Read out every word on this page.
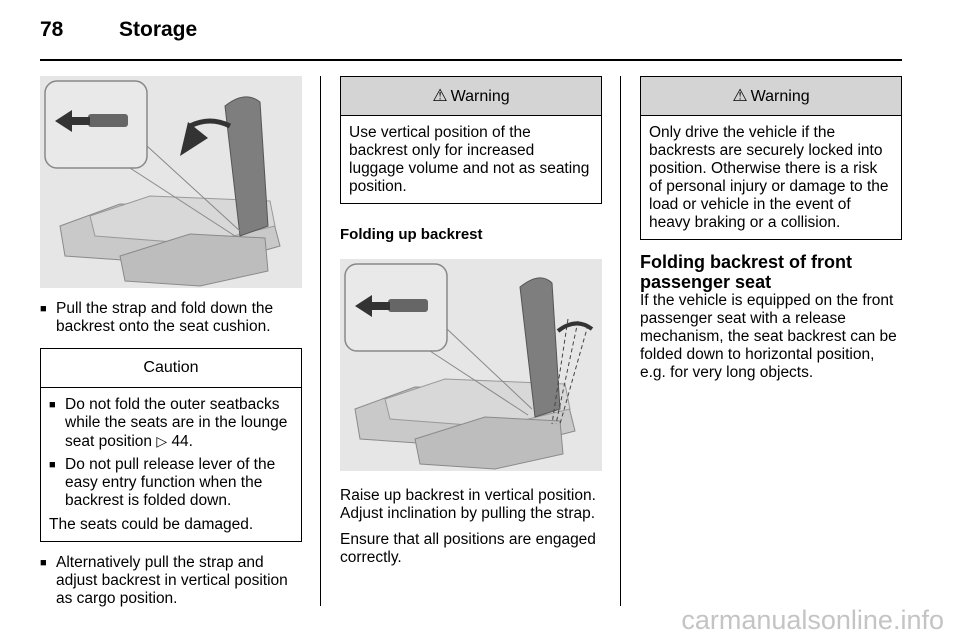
78	Storage
■ Pull the strap and fold down the backrest onto the seat cushion.
Caution
■ Do not fold the outer seatbacks while the seats are in the lounge seat position ▷ 44.
■ Do not pull release lever of the easy entry function when the backrest is folded down.

The seats could be damaged.

■ Alternatively pull the strap and adjust backrest in vertical position as cargo position.
⚠ Warning

Use vertical position of the backrest only for increased luggage volume and not as seating position.

Folding up backrest

Raise up backrest in vertical position. Adjust inclination by pulling the strap.

Ensure that all positions are engaged correctly.

⚠ Warning

Only drive the vehicle if the backrests are securely locked into position. Otherwise there is a risk of personal injury or damage to the load or vehicle in the event of heavy braking or a collision.

Folding backrest of front passenger seat

If the vehicle is equipped on the front passenger seat with a release mechanism, the seat backrest can be folded down to horizontal position, e.g. for very long objects.

carmanualsonline.info
